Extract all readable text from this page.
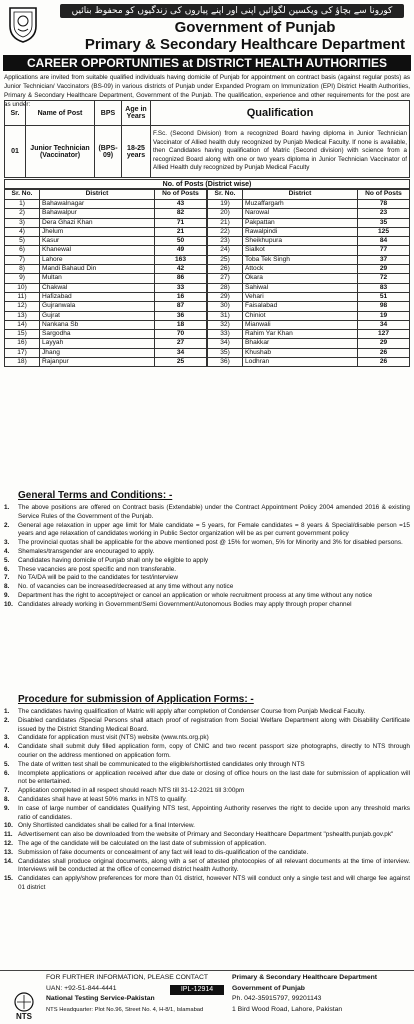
کورونا سے بچاؤ کی ویکسین لگوائیں اپنی اور اپنے پیاروں کی زندگیوں کو محفوظ بنائیں
Government of Punjab
Primary & Secondary Healthcare Department
CAREER OPPORTUNITIES at DISTRICT HEALTH AUTHORITIES
Applications are invited from suitable qualified individuals having domicile of Punjab for appointment on contract basis (against regular posts) as Junior Technician/ Vaccinators (BS-09) in various districts of Punjab under Expanded Program on Immunization (EPI) District Health Authorities, Primary & Secondary Healthcare Department, Government of the Punjab. The qualification, experience and other requirements for the post are as under:
Sr.	Name of Post	BPS	Age in Years	Qualification
01	Junior Technician (Vaccinator)	(BPS-09)	18-25 years	F.Sc. (Second Division) from a recognized Board having diploma in Junior Technician Vaccinator of Allied health duly recognized by Punjab Medical Faculty. If none is available, then Candidates having qualification of Matric (Second division) with science from a recognized Board along with one or two years diploma in Junior Technician Vaccinator of Allied Health duly recognized by Punjab Medical Faculty
No. of Posts (District wise)
Sr. No.	District	No of Posts
1)	Bahawalnagar	43
2)	Bahawalpur	82
3)	Dera Ghazi Khan	71
4)	Jhelum	21
5)	Kasur	50
6)	Khanewal	49
7)	Lahore	163
8)	Mandi Bahaud Din	42
9)	Multan	86
10)	Chakwal	33
11)	Hafizabad	16
12)	Gujranwala	87
13)	Gujrat	36
14)	Nankana Sb	18
15)	Sargodha	70
16)	Layyah	27
17)	Jhang	34
18)	Rajanpur	25
Sr. No.	District	No of Posts
19)	Muzaffargarh	78
20)	Narowal	23
21)	Pakpattan	35
22)	Rawalpindi	125
23)	Sheikhupura	84
24)	Sialkot	77
25)	Toba Tek Singh	37
26)	Attock	29
27)	Okara	72
28)	Sahiwal	83
29)	Vehari	51
30)	Faisalabad	98
31)	Chiniot	19
32)	Mianwali	34
33)	Rahim Yar Khan	127
34)	Bhakkar	29
35)	Khushab	26
36)	Lodhran	26
General Terms and Conditions: -
1. The above positions are offered on Contract basis (Extendable) under the Contract Appointment Policy 2004 amended 2016 & existing Service Rules of the Government of the Punjab.
2. General age relaxation in upper age limit for Male candidate = 5 years, for Female candidates = 8 years & Special/disable person =15 years and age relaxation of candidates working in Public Sector organization will be as per current government policy
3. The provincial quotas shall be applicable for the above mentioned post @ 15% for women, 5% for Minority and 3% for disabled persons.
4. Shemales/transgender are encouraged to apply.
5. Candidates having domicile of Punjab shall only be eligible to apply
6. These vacancies are post specific and non transferable.
7. No TA/DA will be paid to the candidates for test/interview
8. No. of vacancies can be increased/decreased at any time without any notice
9. Department has the right to accept/reject or cancel an application or whole recruitment process at any time without any notice
10. Candidates already working in Government/Semi Government/Autonomous Bodies may apply through proper channel
Procedure for submission of Application Forms: -
1. The candidates having qualification of Matric will apply after completion of Condenser Course from Punjab Medical Faculty.
2. Disabled candidates /Special Persons shall attach proof of registration from Social Welfare Department along with Disability Certificate issued by the District Standing Medical Board.
3. Candidate for application must visit (NTS) website (www.nts.org.pk)
4. Candidate shall submit duly filled application form, copy of CNIC and two recent passport size photographs, directly to NTS through courier on the address mentioned on application form.
5. The date of written test shall be communicated to the eligible/shortlisted candidates only through NTS
6. Incomplete applications or application received after due date or closing of office hours on the last date for submission of application will not be entertained.
7. Application completed in all respect should reach NTS till 31-12-2021 till 3:00pm
8. Candidates shall have at least 50% marks in NTS to qualify.
9. In case of large number of candidates Qualifying NTS test, Appointing Authority reserves the right to decide upon any threshold marks ratio of candidates.
10. Only Shortlisted candidates shall be called for a final Interview.
11. Advertisement can also be downloaded from the website of Primary and Secondary Healthcare Department "pshealth.punjab.gov.pk"
12. The age of the candidate will be calculated on the last date of submission of application.
13. Submission of fake documents or concealment of any fact will lead to dis-qualification of the candidate.
14. Candidates shall produce original documents, along with a set of attested photocopies of all relevant documents at the time of interview. Interviews will be conducted at the office of concerned district health Authority.
15. Candidates can apply/show preferences for more than 01 district, however NTS will conduct only a single test and will charge fee against 01 district
NTS
FOR FURTHER INFORMATION, PLEASE CONTACT
UAN: +92-51-844-4441
National Testing Service-Pakistan
NTS Headquarter: Plot No.96, Street No. 4, H-8/1, Islamabad
IPL-12914
Primary & Secondary Healthcare Department
Government of Punjab
Ph. 042-35915797, 99201143
1 Bird Wood Road, Lahore, Pakistan
